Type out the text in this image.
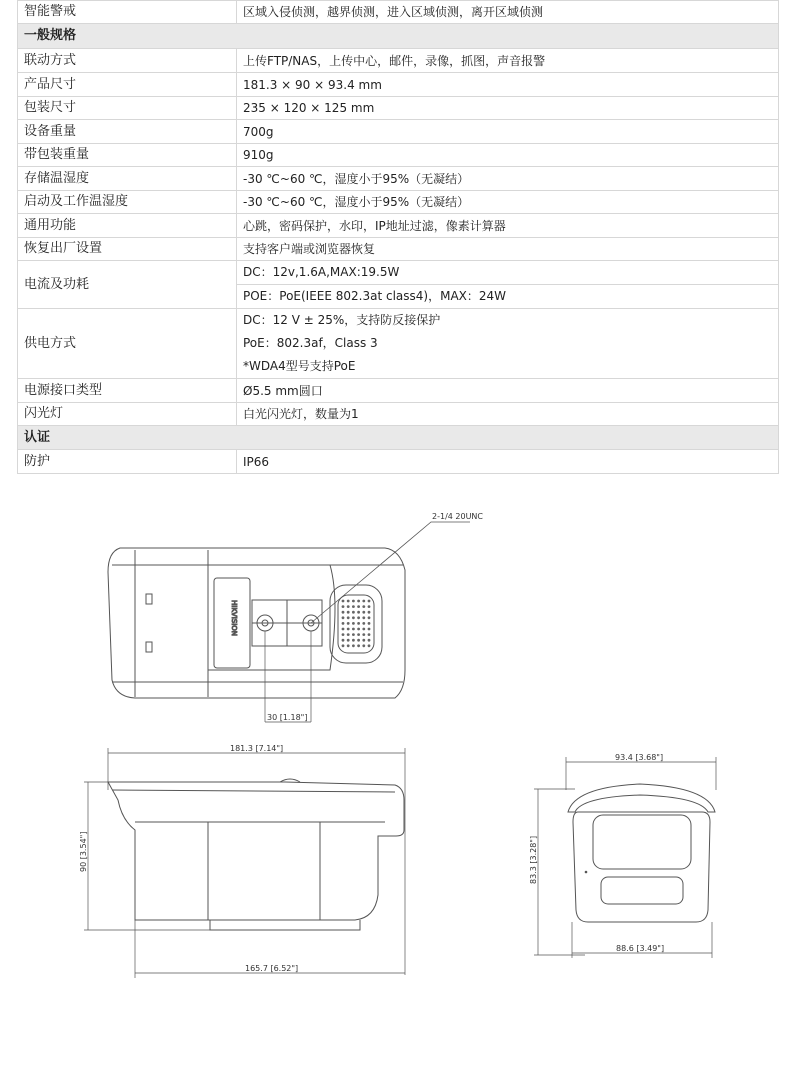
智能警戒	区域入侵侦测，越界侦测，进入区域侦测，离开区域侦测
一般规格	
联动方式	上传FTP/NAS，上传中心，邮件，录像，抓图，声音报警
产品尺寸	181.3 × 90 × 93.4 mm
包装尺寸	235 × 120 × 125 mm
设备重量	700g
带包装重量	910g
存储温湿度	-30 ℃~60 ℃，湿度小于95%（无凝结）
启动及工作温湿度	-30 ℃~60 ℃，湿度小于95%（无凝结）
通用功能	心跳，密码保护，水印，IP地址过滤，像素计算器
恢复出厂设置	支持客户端或浏览器恢复
电流及功耗	DC：12v,1.6A,MAX:19.5W
POE：PoE(IEEE 802.3at class4)，MAX：24W

供电方式	DC：12 V ± 25%，支持防反接保护
PoE：802.3af，Class 3
*WDA4型号支持PoE

电源接口类型	Ø5.5 mm圆口
闪光灯	白光闪光灯，数量为1
认证	
防护	IP66
HIKVISION
2-1/4 20UNC
30 [1.18"]
181.3 [7.14"]
90 [3.54"]
165.7 [6.52"]
93.4 [3.68"]
83.3 [3.28"]
88.6 [3.49"]
